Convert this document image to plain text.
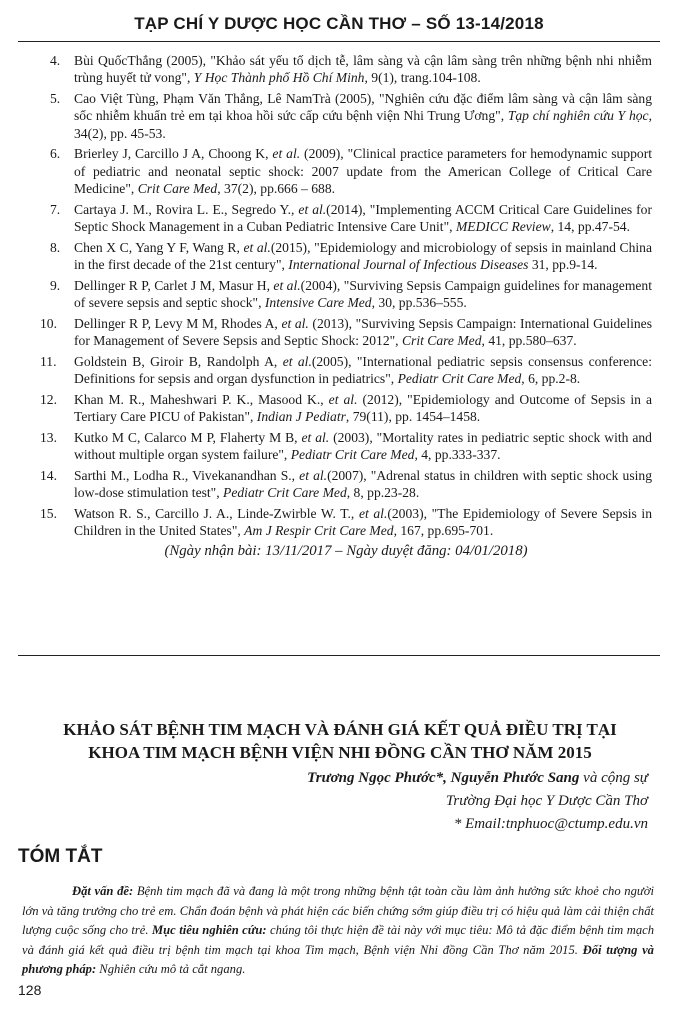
TẠP CHÍ Y DƯỢC HỌC CẦN THƠ – SỐ 13-14/2018
4. Bùi QuốcThắng (2005), "Khảo sát yếu tố dịch tễ, lâm sàng và cận lâm sàng trên những bệnh nhi nhiễm trùng huyết tử vong", Y Học Thành phố Hồ Chí Minh, 9(1), trang.104-108.
5. Cao Việt Tùng, Phạm Văn Thắng, Lê NamTrà (2005), "Nghiên cứu đặc điểm lâm sàng và cận lâm sàng sốc nhiễm khuẩn trẻ em tại khoa hồi sức cấp cứu bệnh viện Nhi Trung Ương", Tạp chí nghiên cứu Y học, 34(2), pp. 45-53.
6. Brierley J, Carcillo J A, Choong K, et al. (2009), "Clinical practice parameters for hemodynamic support of pediatric and neonatal septic shock: 2007 update from the American College of Critical Care Medicine", Crit Care Med, 37(2), pp.666 – 688.
7. Cartaya J. M., Rovira L. E., Segredo Y., et al.(2014), "Implementing ACCM Critical Care Guidelines for Septic Shock Management in a Cuban Pediatric Intensive Care Unit", MEDICC Review, 14, pp.47-54.
8. Chen X C, Yang Y F, Wang R, et al.(2015), "Epidemiology and microbiology of sepsis in mainland China in the first decade of the 21st century", International Journal of Infectious Diseases 31, pp.9-14.
9. Dellinger R P, Carlet J M, Masur H, et al.(2004), "Surviving Sepsis Campaign guidelines for management of severe sepsis and septic shock", Intensive Care Med, 30, pp.536–555.
10. Dellinger R P, Levy M M, Rhodes A, et al. (2013), "Surviving Sepsis Campaign: International Guidelines for Management of Severe Sepsis and Septic Shock: 2012", Crit Care Med, 41, pp.580–637.
11. Goldstein B, Giroir B, Randolph A, et al.(2005), "International pediatric sepsis consensus conference: Definitions for sepsis and organ dysfunction in pediatrics", Pediatr Crit Care Med, 6, pp.2-8.
12. Khan M. R., Maheshwari P. K., Masood K., et al. (2012), "Epidemiology and Outcome of Sepsis in a Tertiary Care PICU of Pakistan", Indian J Pediatr, 79(11), pp. 1454–1458.
13. Kutko M C, Calarco M P, Flaherty M B, et al. (2003), "Mortality rates in pediatric septic shock with and without multiple organ system failure", Pediatr Crit Care Med, 4, pp.333-337.
14. Sarthi M., Lodha R., Vivekanandhan S., et al.(2007), "Adrenal status in children with septic shock using low-dose stimulation test", Pediatr Crit Care Med, 8, pp.23-28.
15. Watson R. S., Carcillo J. A., Linde-Zwirble W. T., et al.(2003), "The Epidemiology of Severe Sepsis in Children in the United States", Am J Respir Crit Care Med, 167, pp.695-701.
(Ngày nhận bài: 13/11/2017 – Ngày duyệt đăng: 04/01/2018)
KHẢO SÁT BỆNH TIM MẠCH VÀ ĐÁNH GIÁ KẾT QUẢ ĐIỀU TRỊ TẠI
KHOA TIM MẠCH BỆNH VIỆN NHI ĐỒNG CẦN THƠ NĂM 2015
Trương Ngọc Phước*, Nguyễn Phước Sang và cộng sự
Trường Đại học Y Dược Cần Thơ
* Email:tnphuoc@ctump.edu.vn
TÓM TẮT
Đặt vấn đề: Bệnh tim mạch đã và đang là một trong những bệnh tật toàn cầu làm ảnh hưởng sức khoẻ cho người lớn và tăng trưởng cho trẻ em. Chẩn đoán bệnh và phát hiện các biến chứng sớm giúp điều trị có hiệu quả làm cải thiện chất lượng cuộc sống cho trẻ. Mục tiêu nghiên cứu: chúng tôi thực hiện đề tài này với mục tiêu: Mô tả đặc điểm bệnh tim mạch và đánh giá kết quả điều trị bệnh tim mạch tại khoa Tim mạch, Bệnh viện Nhi đồng Cần Thơ năm 2015. Đối tượng và phương pháp: Nghiên cứu mô tả cắt ngang.
128
